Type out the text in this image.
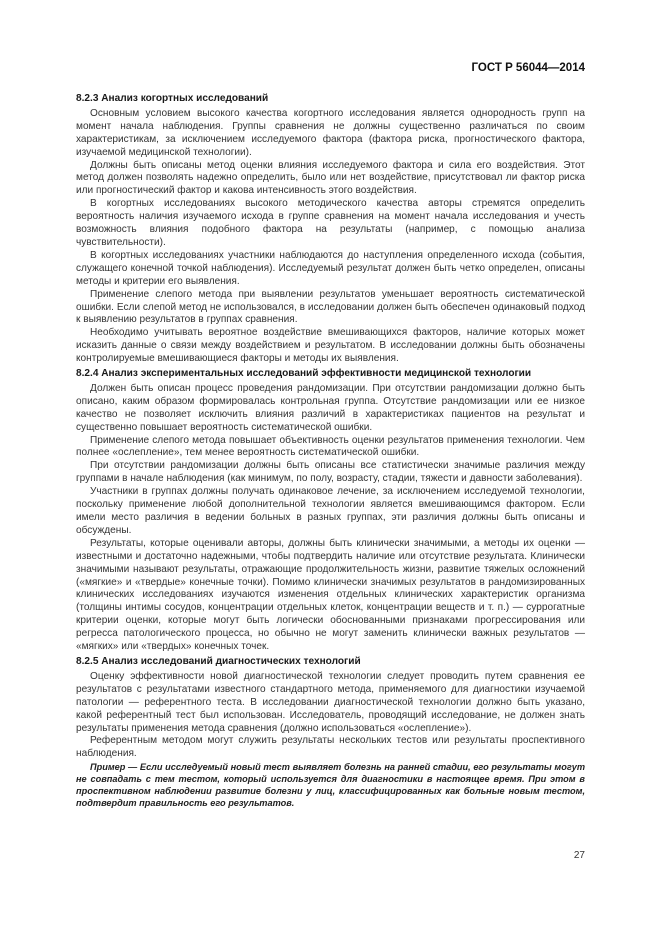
ГОСТ Р 56044—2014
8.2.3 Анализ когортных исследований

Основным условием высокого качества когортного исследования является однородность групп на момент начала наблюдения. Группы сравнения не должны существенно различаться по своим характеристикам, за исключением исследуемого фактора (фактора риска, прогностического фактора, изучаемой медицинской технологии).

Должны быть описаны метод оценки влияния исследуемого фактора и сила его воздействия. Этот метод должен позволять надежно определить, было или нет воздействие, присутствовал ли фактор риска или прогностический фактор и какова интенсивность этого воздействия.

В когортных исследованиях высокого методического качества авторы стремятся определить вероятность наличия изучаемого исхода в группе сравнения на момент начала исследования и учесть возможность влияния подобного фактора на результаты (например, с помощью анализа чувствительности).

В когортных исследованиях участники наблюдаются до наступления определенного исхода (события, служащего конечной точкой наблюдения). Исследуемый результат должен быть четко определен, описаны методы и критерии его выявления.

Применение слепого метода при выявлении результатов уменьшает вероятность систематической ошибки. Если слепой метод не использовался, в исследовании должен быть обеспечен одинаковый подход к выявлению результатов в группах сравнения.

Необходимо учитывать вероятное воздействие вмешивающихся факторов, наличие которых может исказить данные о связи между воздействием и результатом. В исследовании должны быть обозначены контролируемые вмешивающиеся факторы и методы их выявления.

8.2.4 Анализ экспериментальных исследований эффективности медицинской технологии

Должен быть описан процесс проведения рандомизации. При отсутствии рандомизации должно быть описано, каким образом формировалась контрольная группа. Отсутствие рандомизации или ее низкое качество не позволяет исключить влияния различий в характеристиках пациентов на результат и существенно повышает вероятность систематической ошибки.

Применение слепого метода повышает объективность оценки результатов применения технологии. Чем полнее «ослепление», тем менее вероятность систематической ошибки.

При отсутствии рандомизации должны быть описаны все статистически значимые различия между группами в начале наблюдения (как минимум, по полу, возрасту, стадии, тяжести и давности заболевания).

Участники в группах должны получать одинаковое лечение, за исключением исследуемой технологии, поскольку применение любой дополнительной технологии является вмешивающимся фактором. Если имели место различия в ведении больных в разных группах, эти различия должны быть описаны и обсуждены.

Результаты, которые оценивали авторы, должны быть клинически значимыми, а методы их оценки — известными и достаточно надежными, чтобы подтвердить наличие или отсутствие результата. Клинически значимыми называют результаты, отражающие продолжительность жизни, развитие тяжелых осложнений («мягкие» и «твердые» конечные точки). Помимо клинически значимых результатов в рандомизированных клинических исследованиях изучаются изменения отдельных клинических характеристик организма (толщины интимы сосудов, концентрации отдельных клеток, концентрации веществ и т. п.) — суррогатные критерии оценки, которые могут быть логически обоснованными признаками прогрессирования или регресса патологического процесса, но обычно не могут заменить клинически важных результатов — «мягких» или «твердых» конечных точек.

8.2.5 Анализ исследований диагностических технологий

Оценку эффективности новой диагностической технологии следует проводить путем сравнения ее результатов с результатами известного стандартного метода, применяемого для диагностики изучаемой патологии — референтного теста. В исследовании диагностической технологии должно быть указано, какой референтный тест был использован. Исследователь, проводящий исследование, не должен знать результаты применения метода сравнения (должно использоваться «ослепление»).

Референтным методом могут служить результаты нескольких тестов или результаты проспективного наблюдения.

Пример — Если исследуемый новый тест выявляет болезнь на ранней стадии, его результаты могут не совпадать с тем тестом, который используется для диагностики в настоящее время. При этом в проспективном наблюдении развитие болезни у лиц, классифицированных как больные новым тестом, подтвердит правильность его результатов.

27
